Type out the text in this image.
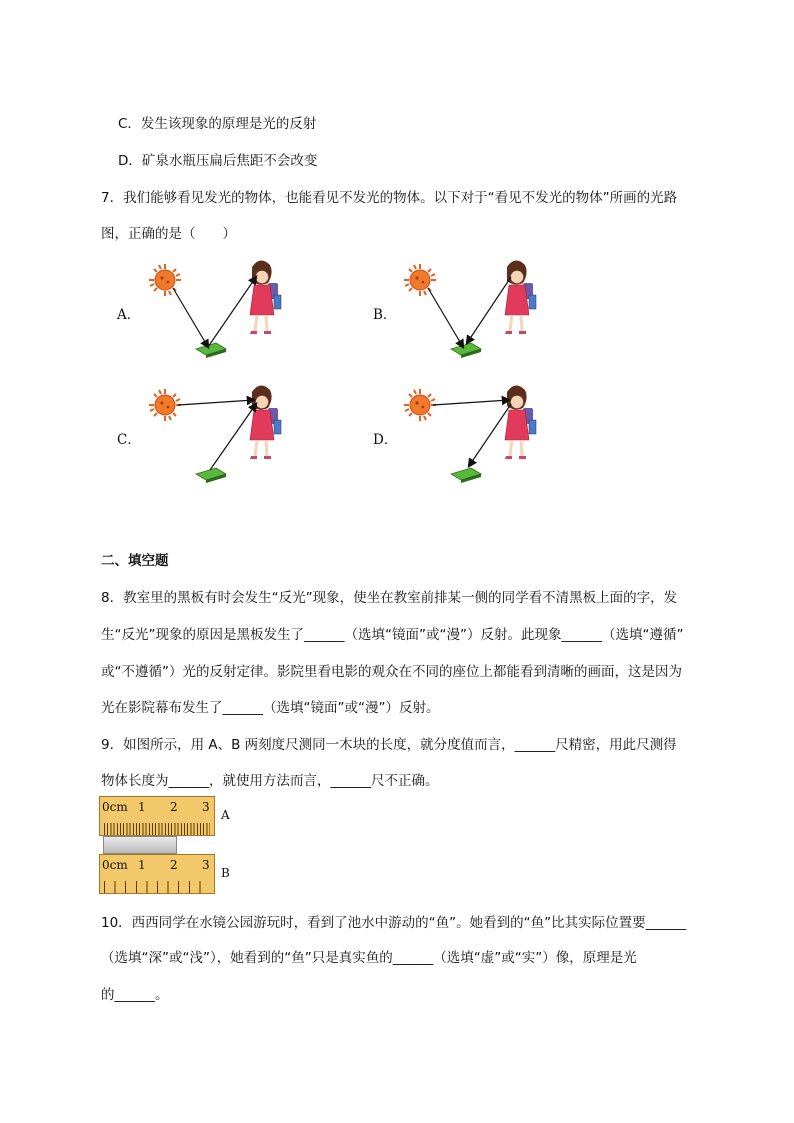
C．发生该现象的原理是光的反射
D．矿泉水瓶压扁后焦距不会改变
7．我们能够看见发光的物体，也能看见不发光的物体。以下对于“看见不发光的物体”所画的光路
图，正确的是（　　）
A．	B．
C．	D．
二、填空题
8．教室里的黑板有时会发生“反光”现象，使坐在教室前排某一侧的同学看不清黑板上面的字，发
生“反光”现象的原因是黑板发生了______（选填“镜面”或“漫”）反射。此现象______（选填“遵循”
或“不遵循”）光的反射定律。影院里看电影的观众在不同的座位上都能看到清晰的画面，这是因为
光在影院幕布发生了______（选填“镜面”或“漫”）反射。
9．如图所示，用 A、B 两刻度尺测同一木块的长度，就分度值而言，______尺精密，用此尺测得
物体长度为______，就使用方法而言，______尺不正确。
0cm 1 2 3
0cm 1 2 3
A
B
10．西西同学在水镜公园游玩时，看到了池水中游动的“鱼”。她看到的“鱼”比其实际位置要______
（选填“深”或“浅”），她看到的“鱼”只是真实鱼的______（选填“虚”或“实”）像，原理是光
的______。
